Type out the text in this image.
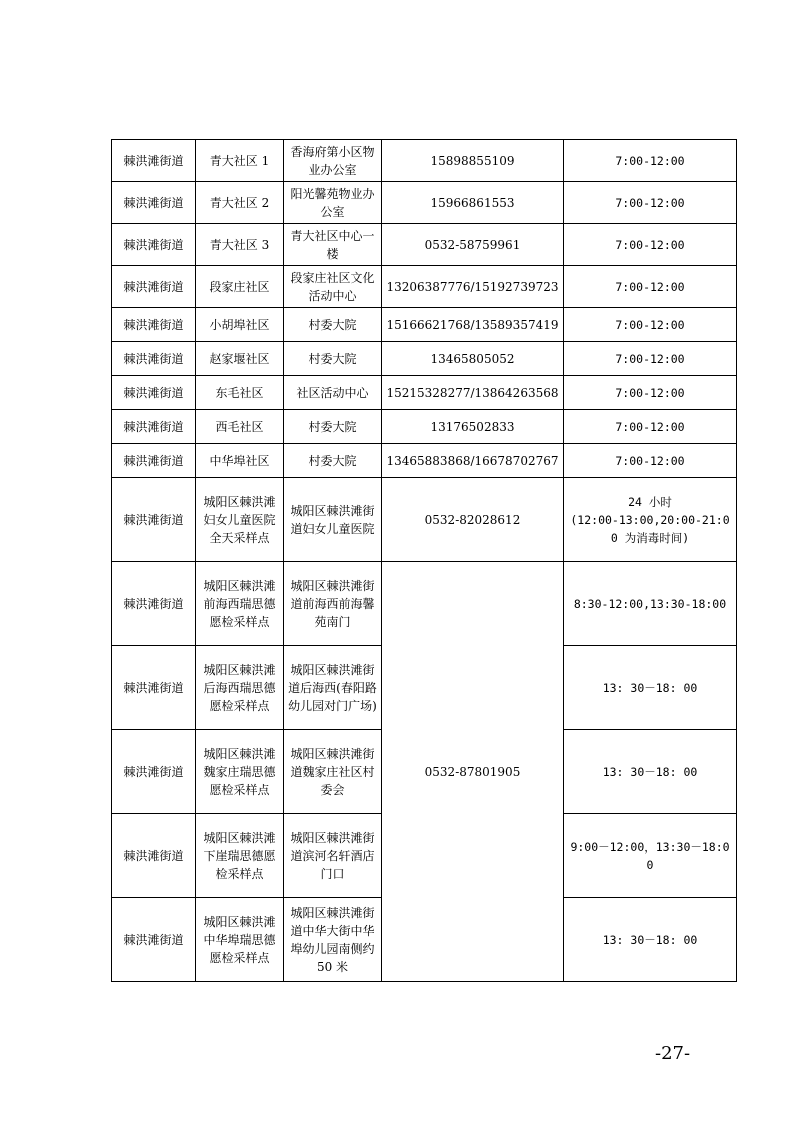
棘洪滩街道	青大社区 1	香海府第小区物业办公室	15898855109	7:00-12:00
棘洪滩街道	青大社区 2	阳光馨苑物业办公室	15966861553	7:00-12:00
棘洪滩街道	青大社区 3	青大社区中心一楼	0532-58759961	7:00-12:00
棘洪滩街道	段家庄社区	段家庄社区文化活动中心	13206387776/15192739723	7:00-12:00
棘洪滩街道	小胡埠社区	村委大院	15166621768/13589357419	7:00-12:00
棘洪滩街道	赵家堰社区	村委大院	13465805052	7:00-12:00
棘洪滩街道	东毛社区	社区活动中心	15215328277/13864263568	7:00-12:00
棘洪滩街道	西毛社区	村委大院	13176502833	7:00-12:00
棘洪滩街道	中华埠社区	村委大院	13465883868/16678702767	7:00-12:00
棘洪滩街道	城阳区棘洪滩妇女儿童医院全天采样点	城阳区棘洪滩街道妇女儿童医院	0532-82028612	24 小时
(12:00-13:00,20:00-21:00 为消毒时间)

棘洪滩街道	城阳区棘洪滩前海西瑞思德愿检采样点	城阳区棘洪滩街道前海西前海馨苑南门	0532-87801905	8:30-12:00,13:30-18:00
棘洪滩街道	城阳区棘洪滩后海西瑞思德愿检采样点	城阳区棘洪滩街道后海西(春阳路幼儿园对门广场)		13: 30－18: 00
棘洪滩街道	城阳区棘洪滩魏家庄瑞思德愿检采样点	城阳区棘洪滩街道魏家庄社区村委会		13: 30－18: 00
棘洪滩街道	城阳区棘洪滩下崖瑞思德愿检采样点	城阳区棘洪滩街道滨河名轩酒店门口		9:00－12:00，13:30－18:00
棘洪滩街道	城阳区棘洪滩中华埠瑞思德愿检采样点	城阳区棘洪滩街道中华大街中华埠幼儿园南侧约 50 米		13: 30－18: 00
-27-
